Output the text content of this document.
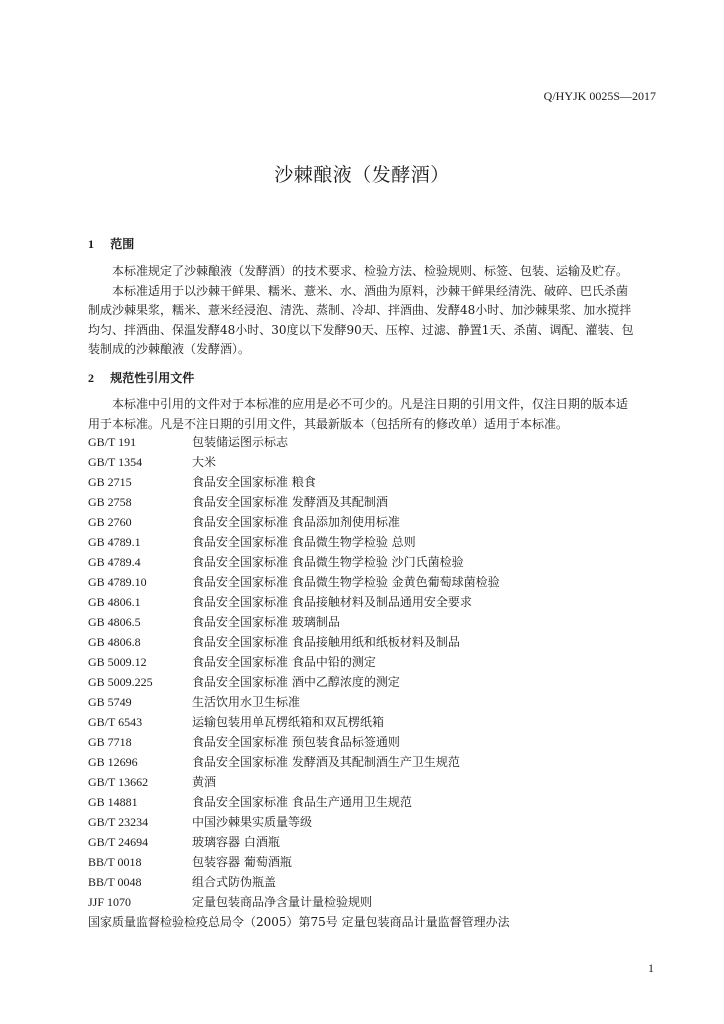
Q/HYJK 0025S—2017
沙棘酿液（发酵酒）
1 范围
本标准规定了沙棘酿液（发酵酒）的技术要求、检验方法、检验规则、标签、包装、运输及贮存。
本标准适用于以沙棘干鲜果、糯米、薏米、水、酒曲为原料，沙棘干鲜果经清洗、破碎、巴氏杀菌
制成沙棘果浆，糯米、薏米经浸泡、清洗、蒸制、冷却、拌酒曲、发酵48小时、加沙棘果浆、加水搅拌
均匀、拌酒曲、保温发酵48小时、30度以下发酵90天、压榨、过滤、静置1天、杀菌、调配、灌装、包
装制成的沙棘酿液（发酵酒）。
2 规范性引用文件
本标准中引用的文件对于本标准的应用是必不可少的。凡是注日期的引用文件，仅注日期的版本适
用于本标准。凡是不注日期的引用文件，其最新版本（包括所有的修改单）适用于本标准。
GB/T 191	包装储运图示标志
GB/T 1354	大米
GB 2715	食品安全国家标准 粮食
GB 2758	食品安全国家标准 发酵酒及其配制酒
GB 2760	食品安全国家标准 食品添加剂使用标准
GB 4789.1	食品安全国家标准 食品微生物学检验 总则
GB 4789.4	食品安全国家标准 食品微生物学检验 沙门氏菌检验
GB 4789.10	食品安全国家标准 食品微生物学检验 金黄色葡萄球菌检验
GB 4806.1	食品安全国家标准 食品接触材料及制品通用安全要求
GB 4806.5	食品安全国家标准 玻璃制品
GB 4806.8	食品安全国家标准 食品接触用纸和纸板材料及制品
GB 5009.12	食品安全国家标准 食品中铅的测定
GB 5009.225	食品安全国家标准 酒中乙醇浓度的测定
GB 5749	生活饮用水卫生标准
GB/T 6543	运输包装用单瓦楞纸箱和双瓦楞纸箱
GB 7718	食品安全国家标准 预包装食品标签通则
GB 12696	食品安全国家标准 发酵酒及其配制酒生产卫生规范
GB/T 13662	黄酒
GB 14881	食品安全国家标准 食品生产通用卫生规范
GB/T 23234	中国沙棘果实质量等级
GB/T 24694	玻璃容器 白酒瓶
BB/T 0018	包装容器 葡萄酒瓶
BB/T 0048	组合式防伪瓶盖
JJF 1070	定量包装商品净含量计量检验规则
国家质量监督检验检疫总局令（2005）第75号 定量包装商品计量监督管理办法
1
